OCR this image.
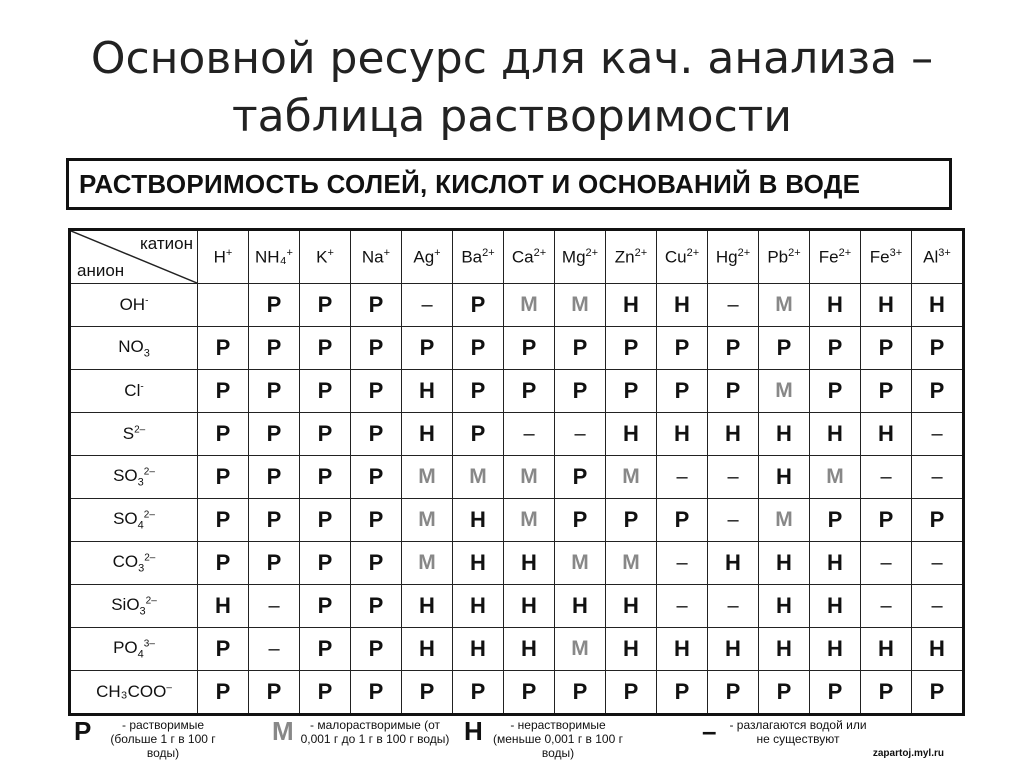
Основной ресурс для кач. анализа –
таблица растворимости
РАСТВОРИМОСТЬ СОЛЕЙ, КИСЛОТ И ОСНОВАНИЙ В ВОДЕ
катион
анион	H+	NH₄+	K+	Na+	Ag+	$Ba^{2+}$	$Ca^{2+}$	$Mg^{2+}$	$Zn^{2+}$	$Cu^{2+}$	$Hg^{2+}$	$Pb^{2+}$	$Fe^{2+}$	$Fe^{3+}$	$Al^{3+}$
OH-		Р	Р	Р	–	Р	М	М	Н	Н	–	М	Н	Н	Н
$NO_3$	Р	Р	Р	Р	Р	Р	Р	Р	Р	Р	Р	Р	Р	Р	Р
Cl-	Р	Р	Р	Р	Н	Р	Р	Р	Р	Р	Р	М	Р	Р	Р
$S^{2-}$	Р	Р	Р	Р	Н	Р	–	–	Н	Н	Н	Н	Н	Н	–
$SO_3^{2-}$	Р	Р	Р	Р	М	М	М	Р	М	–	–	Н	М	–	–
$SO_4^{2-}$	Р	Р	Р	Р	М	Н	М	Р	Р	Р	–	М	Р	Р	Р
$CO_3^{2-}$	Р	Р	Р	Р	М	Н	Н	М	М	–	Н	Н	Н	–	–
SiO$_3^{2-}$	Н	–	Р	Р	Н	Н	Н	Н	Н	–	–	Н	Н	–	–
$PO_4^{3-}$	Р	–	Р	Р	Н	Н	Н	М	Н	Н	Н	Н	Н	Н	Н
CH₃COO–	Р	Р	Р	Р	Р	Р	Р	Р	Р	Р	Р	Р	Р	Р	Р
Р	- растворимые (больше 1 г в 100 г воды)
М	- малорастворимые (от 0,001 г до 1 г в 100 г воды) Н	- нерастворимые (меньше 0,001 г в 100 г воды)
– - разлагаются водой или не существуют
zapartoj.myl.ru
